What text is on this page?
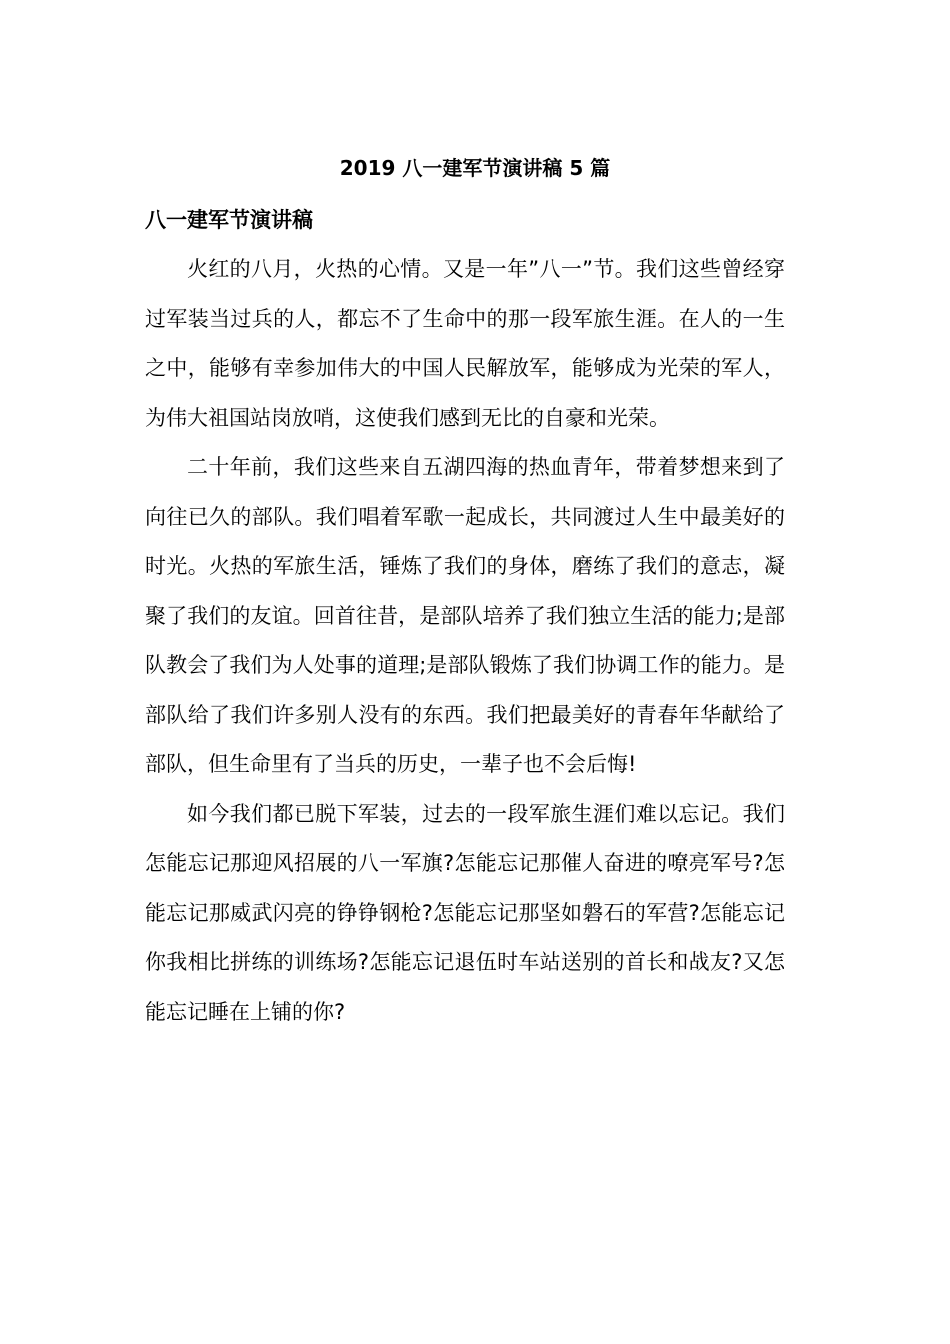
2019 八一建军节演讲稿 5 篇
八一建军节演讲稿

火红的八月，火热的心情。又是一年”八一”节。我们这些曾经穿过军装当过兵的人，都忘不了生命中的那一段军旅生涯。在人的一生之中，能够有幸参加伟大的中国人民解放军，能够成为光荣的军人，为伟大祖国站岗放哨，这使我们感到无比的自豪和光荣。

二十年前，我们这些来自五湖四海的热血青年，带着梦想来到了向往已久的部队。我们唱着军歌一起成长，共同渡过人生中最美好的时光。火热的军旅生活，锤炼了我们的身体，磨练了我们的意志，凝聚了我们的友谊。回首往昔，是部队培养了我们独立生活的能力;是部队教会了我们为人处事的道理;是部队锻炼了我们协调工作的能力。是部队给了我们许多别人没有的东西。我们把最美好的青春年华献给了部队，但生命里有了当兵的历史，一辈子也不会后悔!

如今我们都已脱下军装，过去的一段军旅生涯们难以忘记。我们怎能忘记那迎风招展的八一军旗?怎能忘记那催人奋进的嘹亮军号?怎能忘记那威武闪亮的铮铮钢枪?怎能忘记那坚如磐石的军营?怎能忘记你我相比拼练的训练场?怎能忘记退伍时车站送别的首长和战友?又怎能忘记睡在上铺的你?
